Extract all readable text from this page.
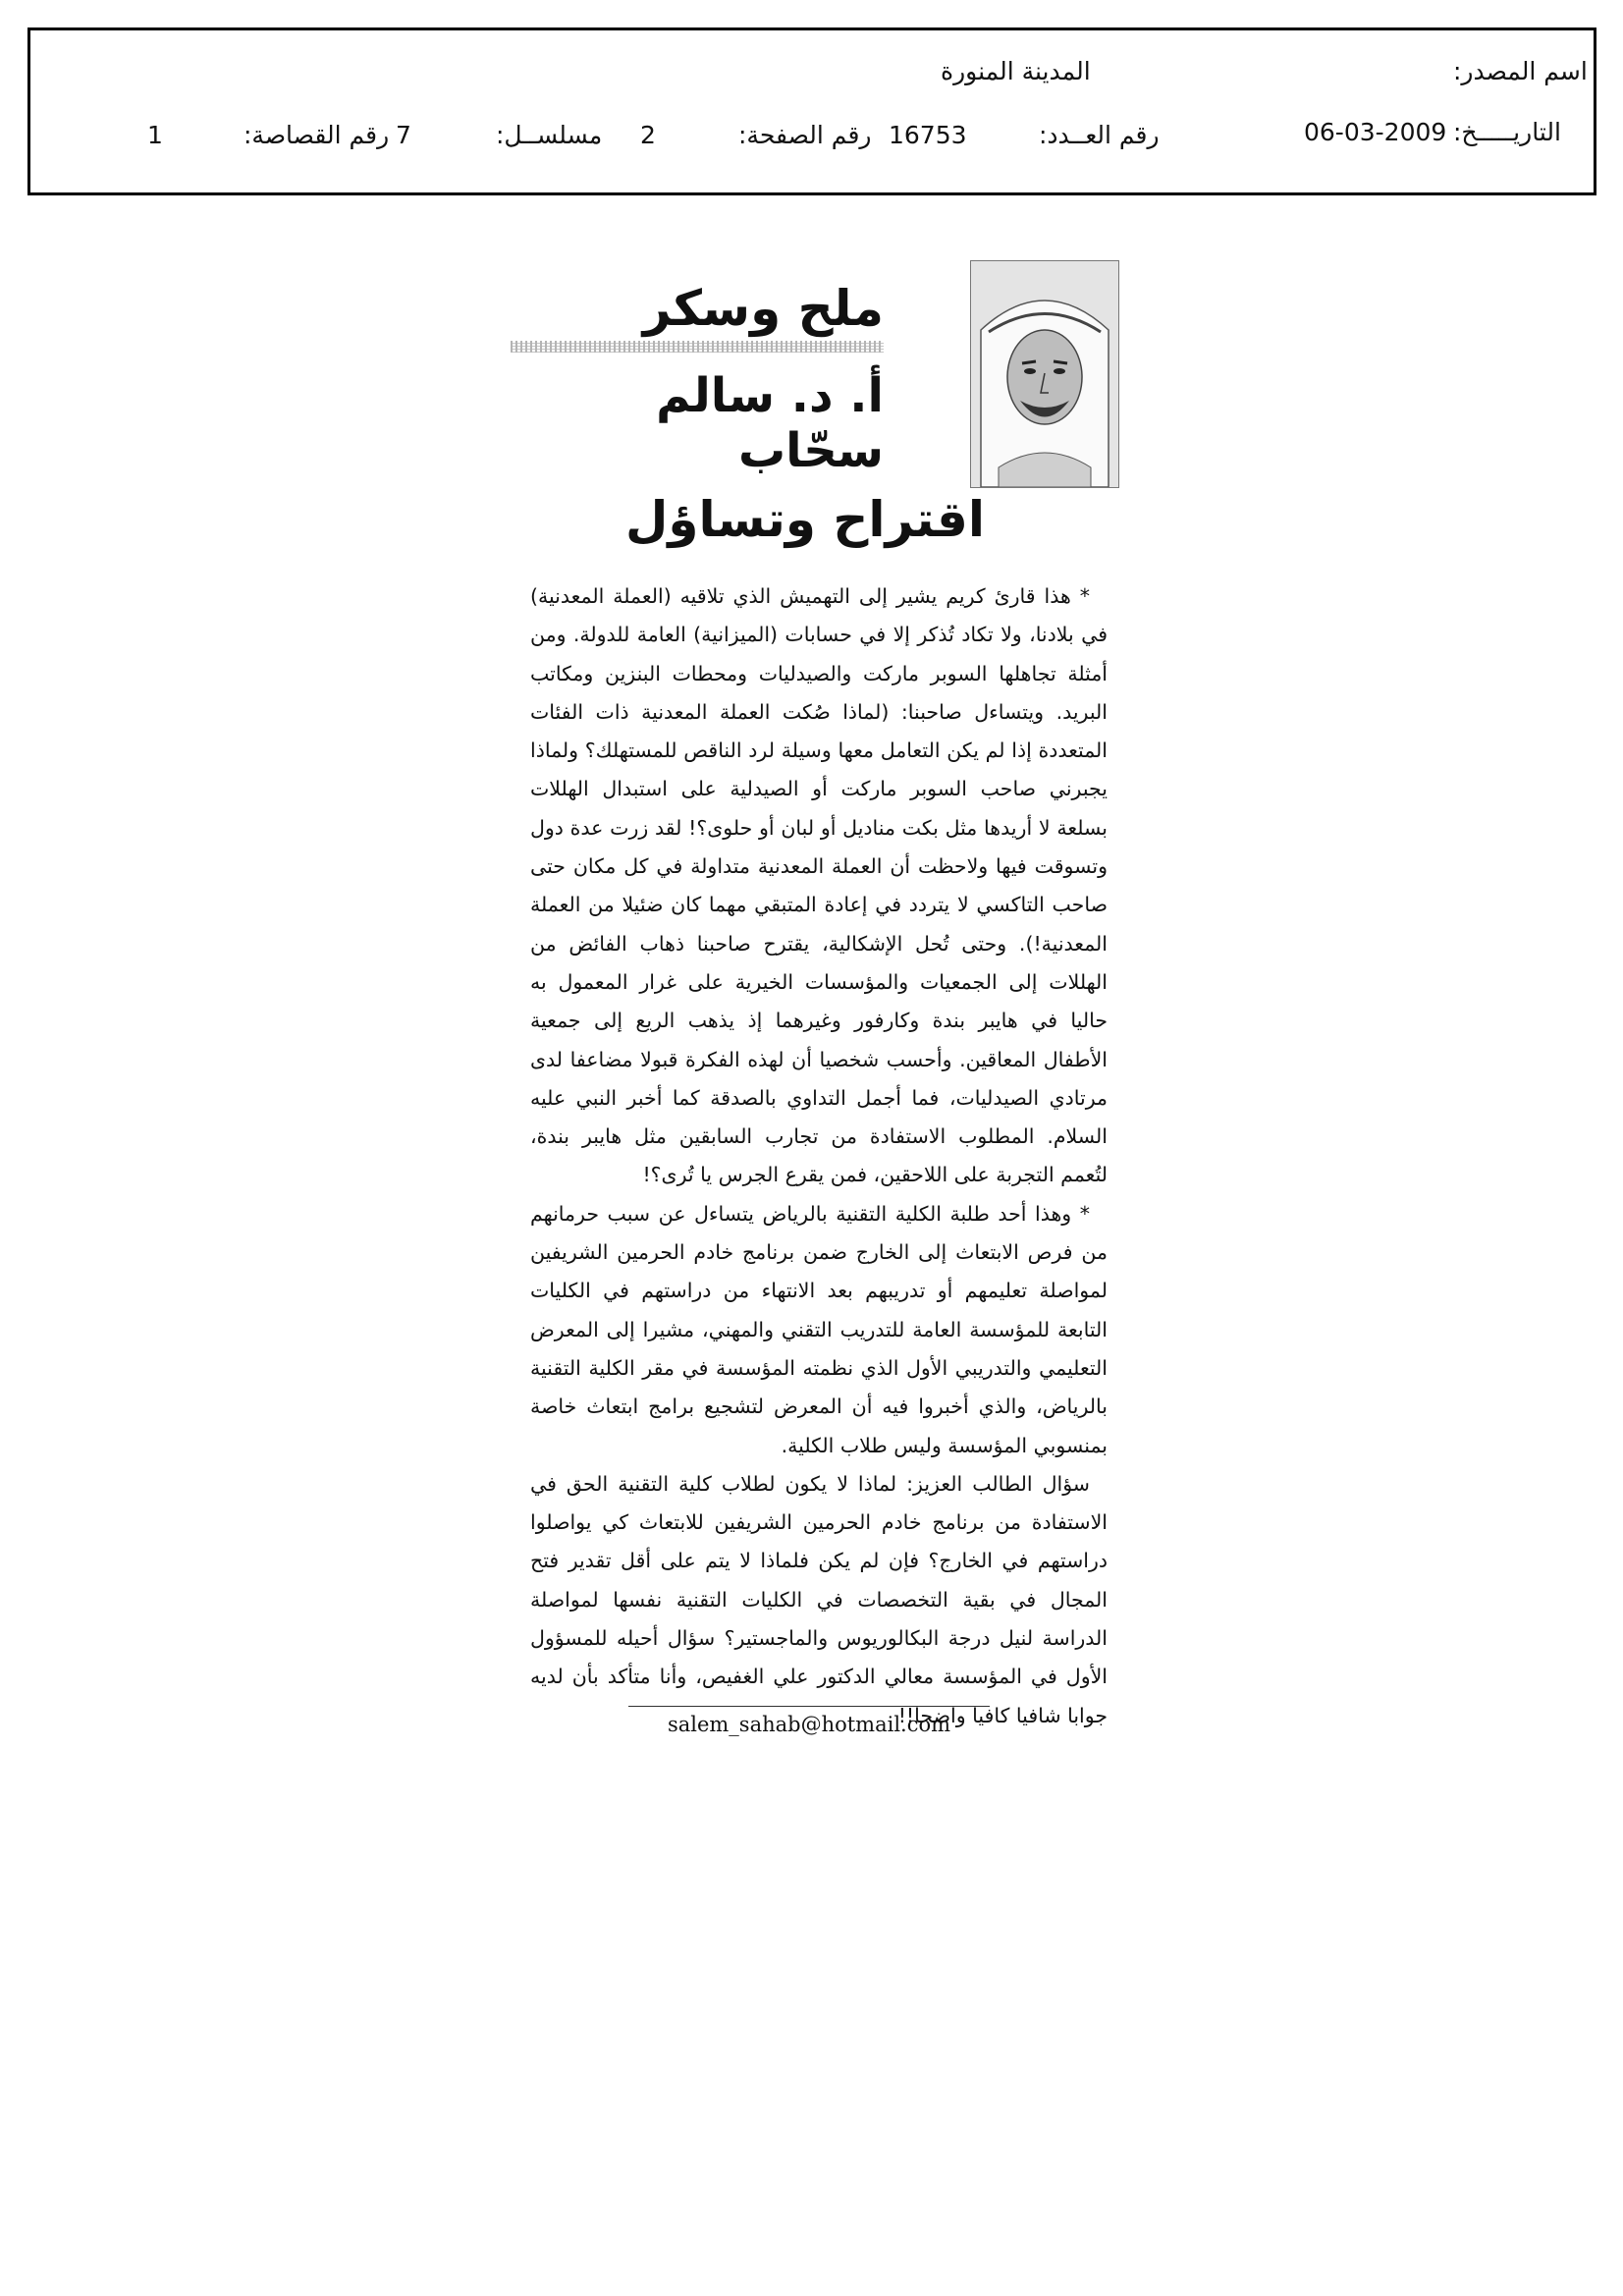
اسم المصدر:
المدينة المنورة
التاريـــــخ:
06-03-2009
رقم العــدد:
16753
رقم الصفحة:
2
مسلســل:
7
رقم القصاصة:
1
ملح وسكر
أ. د. سالم سحّاب
اقتراح وتساؤل

* هذا قارئ كريم يشير إلى التهميش الذي تلاقيه (العملة المعدنية) في بلادنا، ولا تكاد تُذكر إلا في حسابات (الميزانية) العامة للدولة. ومن أمثلة تجاهلها السوبر ماركت والصيدليات ومحطات البنزين ومكاتب البريد. ويتساءل صاحبنا: (لماذا صُكت العملة المعدنية ذات الفئات المتعددة إذا لم يكن التعامل معها وسيلة لرد الناقص للمستهلك؟ ولماذا يجبرني صاحب السوبر ماركت أو الصيدلية على استبدال الهللات بسلعة لا أريدها مثل بكت مناديل أو لبان أو حلوى؟! لقد زرت عدة دول وتسوقت فيها ولاحظت أن العملة المعدنية متداولة في كل مكان حتى صاحب التاكسي لا يتردد في إعادة المتبقي مهما كان ضئيلا من العملة المعدنية!). وحتى تُحل الإشكالية، يقترح صاحبنا ذهاب الفائض من الهللات إلى الجمعيات والمؤسسات الخيرية على غرار المعمول به حاليا في هايبر بندة وكارفور وغيرهما إذ يذهب الريع إلى جمعية الأطفال المعاقين. وأحسب شخصيا أن لهذه الفكرة قبولا مضاعفا لدى مرتادي الصيدليات، فما أجمل التداوي بالصدقة كما أخبر النبي عليه السلام. المطلوب الاستفادة من تجارب السابقين مثل هايبر بندة، لتُعمم التجربة على اللاحقين، فمن يقرع الجرس يا تُرى؟!

* وهذا أحد طلبة الكلية التقنية بالرياض يتساءل عن سبب حرمانهم من فرص الابتعاث إلى الخارج ضمن برنامج خادم الحرمين الشريفين لمواصلة تعليمهم أو تدريبهم بعد الانتهاء من دراستهم في الكليات التابعة للمؤسسة العامة للتدريب التقني والمهني، مشيرا إلى المعرض التعليمي والتدريبي الأول الذي نظمته المؤسسة في مقر الكلية التقنية بالرياض، والذي أخبروا فيه أن المعرض لتشجيع برامج ابتعاث خاصة بمنسوبي المؤسسة وليس طلاب الكلية.

سؤال الطالب العزيز: لماذا لا يكون لطلاب كلية التقنية الحق في الاستفادة من برنامج خادم الحرمين الشريفين للابتعاث كي يواصلوا دراستهم في الخارج؟ فإن لم يكن فلماذا لا يتم على أقل تقدير فتح المجال في بقية التخصصات في الكليات التقنية نفسها لمواصلة الدراسة لنيل درجة البكالوريوس والماجستير؟ سؤال أحيله للمسؤول الأول في المؤسسة معالي الدكتور علي الغفيص، وأنا متأكد بأن لديه جوابا شافيا كافيا واضحا!!

salem_sahab@hotmail.com
